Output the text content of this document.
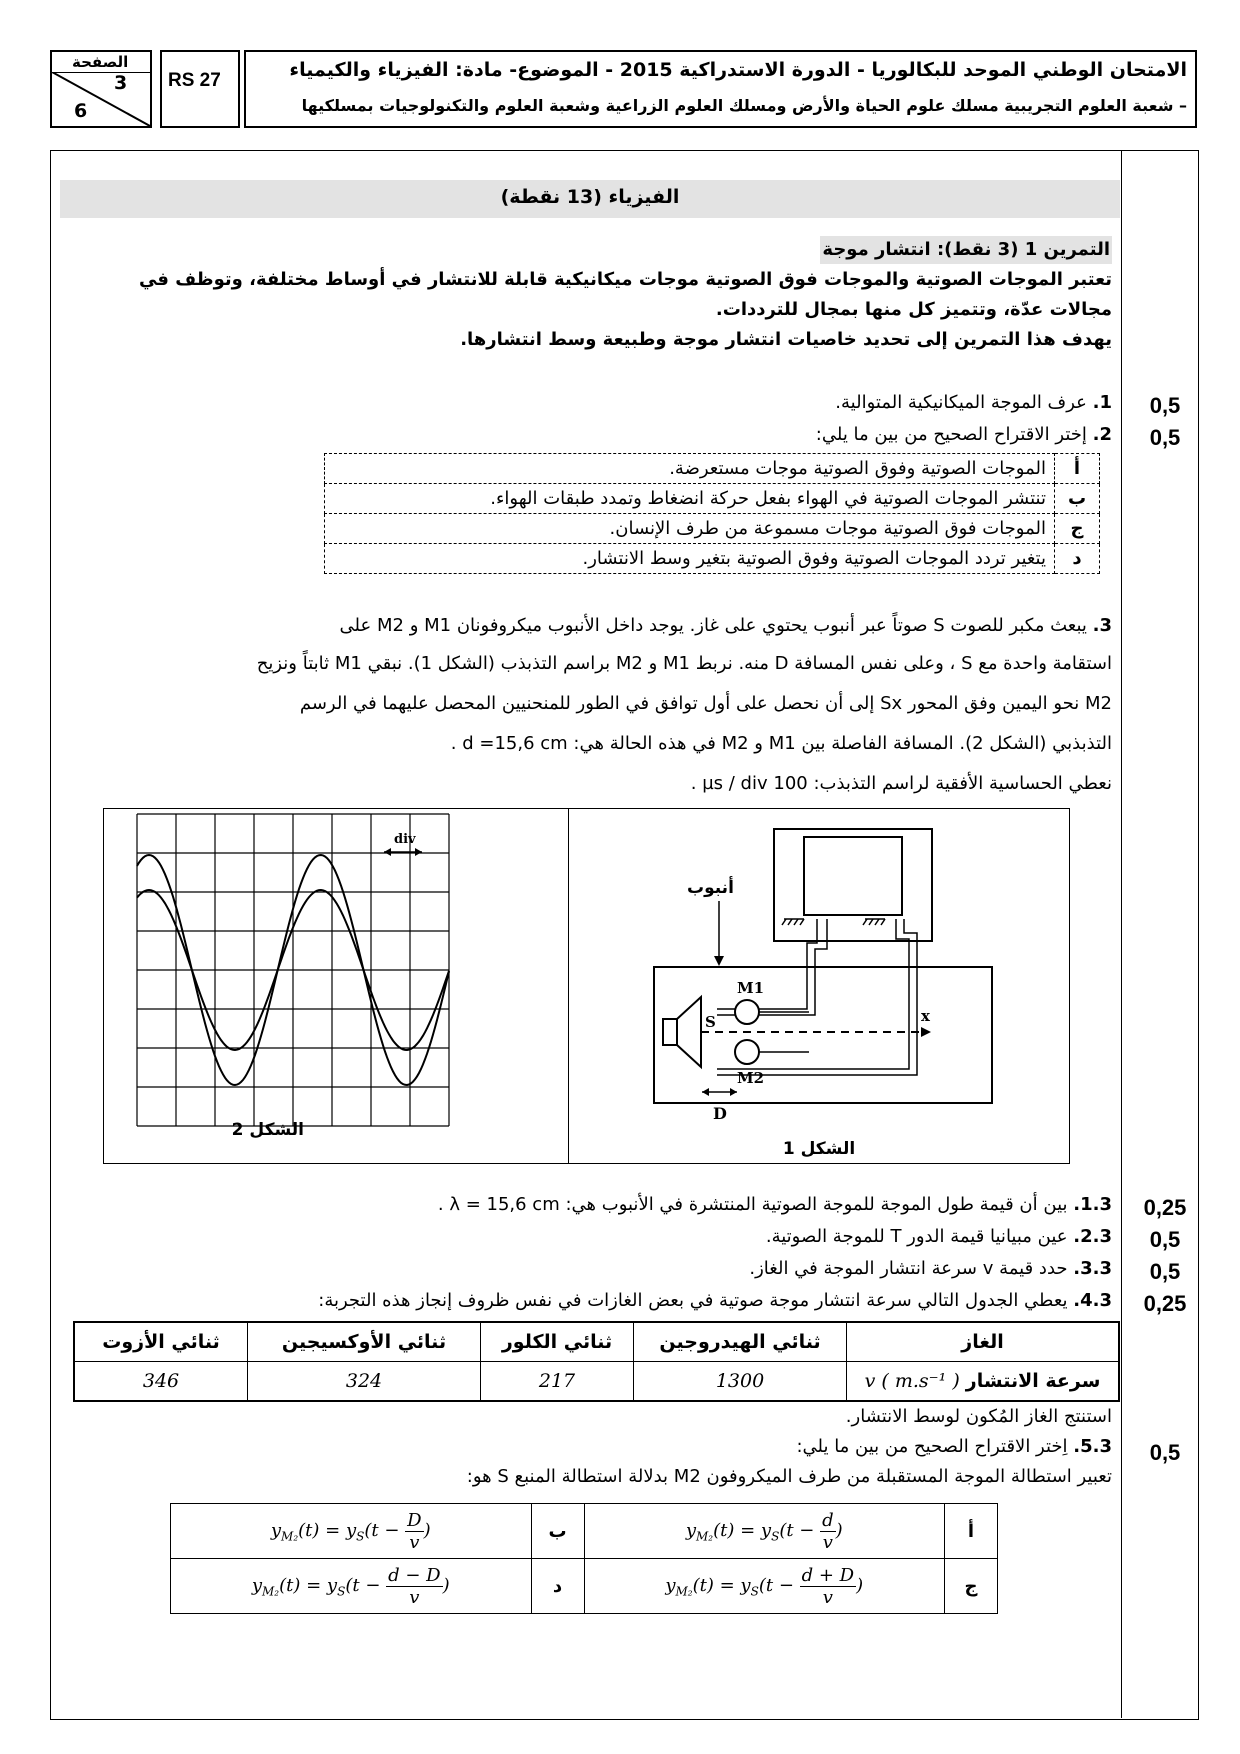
الصفحة
3
6
RS 27	الامتحان الوطني الموحد للبكالوريا - الدورة الاستدراكية 2015 - الموضوع- مادة: الفيزياء والكيمياء
– شعبة العلوم التجريبية مسلك علوم الحياة والأرض ومسلك العلوم الزراعية وشعبة العلوم والتكنولوجيات بمسلكيها
الفيزياء (13 نقطة)
التمرين 1 (3 نقط): انتشار موجة
تعتبر الموجات الصوتية والموجات فوق الصوتية موجات ميكانيكية قابلة للانتشار في أوساط مختلفة، وتوظف في
مجالات عدّة، وتتميز كل منها بمجال للترددات.
يهدف هذا التمرين إلى تحديد خاصيات انتشار موجة وطبيعة وسط انتشارها.
0,5
1. عرف الموجة الميكانيكية المتوالية.
0,5
2. إختر الاقتراح الصحيح من بين ما يلي:
الموجات الصوتية وفوق الصوتية موجات مستعرضة.	أ
تنتشر الموجات الصوتية في الهواء بفعل حركة انضغاط وتمدد طبقات الهواء.	ب
الموجات فوق الصوتية موجات مسموعة من طرف الإنسان.	ج
يتغير تردد الموجات الصوتية وفوق الصوتية بتغير وسط الانتشار.	د
3. يبعث مكبر للصوت S صوتاً عبر أنبوب يحتوي على غاز. يوجد داخل الأنبوب ميكروفونان M1 و M2 على
استقامة واحدة مع S ، وعلى نفس المسافة D منه. نربط M1 و M2 براسم التذبذب (الشكل 1). نبقي M1 ثابتاً ونزيح
M2 نحو اليمين وفق المحور Sx إلى أن نحصل على أول توافق في الطور للمنحنيين المحصل عليهما في الرسم
التذبذبي (الشكل 2). المسافة الفاصلة بين M1 و M2 في هذه الحالة هي: d =15,6 cm .
نعطي الحساسية الأفقية لراسم التذبذب: 100 µs / div .
div
الشكل 2
S	x
M1
M2
D
أنبوب
الشكل 1
0,25
1.3. بين أن قيمة طول الموجة للموجة الصوتية المنتشرة في الأنبوب هي: λ = 15,6 cm .
0,5
2.3. عين مبيانيا قيمة الدور T للموجة الصوتية.
0,5
3.3. حدد قيمة v سرعة انتشار الموجة في الغاز.
0,25
4.3. يعطي الجدول التالي سرعة انتشار موجة صوتية في بعض الغازات في نفس ظروف إنجاز هذه التجربة:
ثنائي الأزوت	ثنائي الأوكسيجين	ثنائي الكلور	ثنائي الهيدروجين	الغاز
346	324	217	1300	سرعة الانتشار v ( m.s⁻¹ )
استنتج الغاز المُكون لوسط الانتشار.
0,5
5.3. اِختر الاقتراح الصحيح من بين ما يلي:
تعبير استطالة الموجة المستقبلة من طرف الميكروفون M2 بدلالة استطالة المنبع S هو:
$y_{M_2}(t) = y_S(t - \frac{D}{v}$ )	ب	$y_{M_2}(t) = y_S(t - \frac{d}{v}$ )	أ
$y_{M_2}(t) = y_S(t - \frac{d - D}{v}$ )	د	$y_{M_2}(t) = y_S(t - \frac{d + D}{v}$ )	ج
